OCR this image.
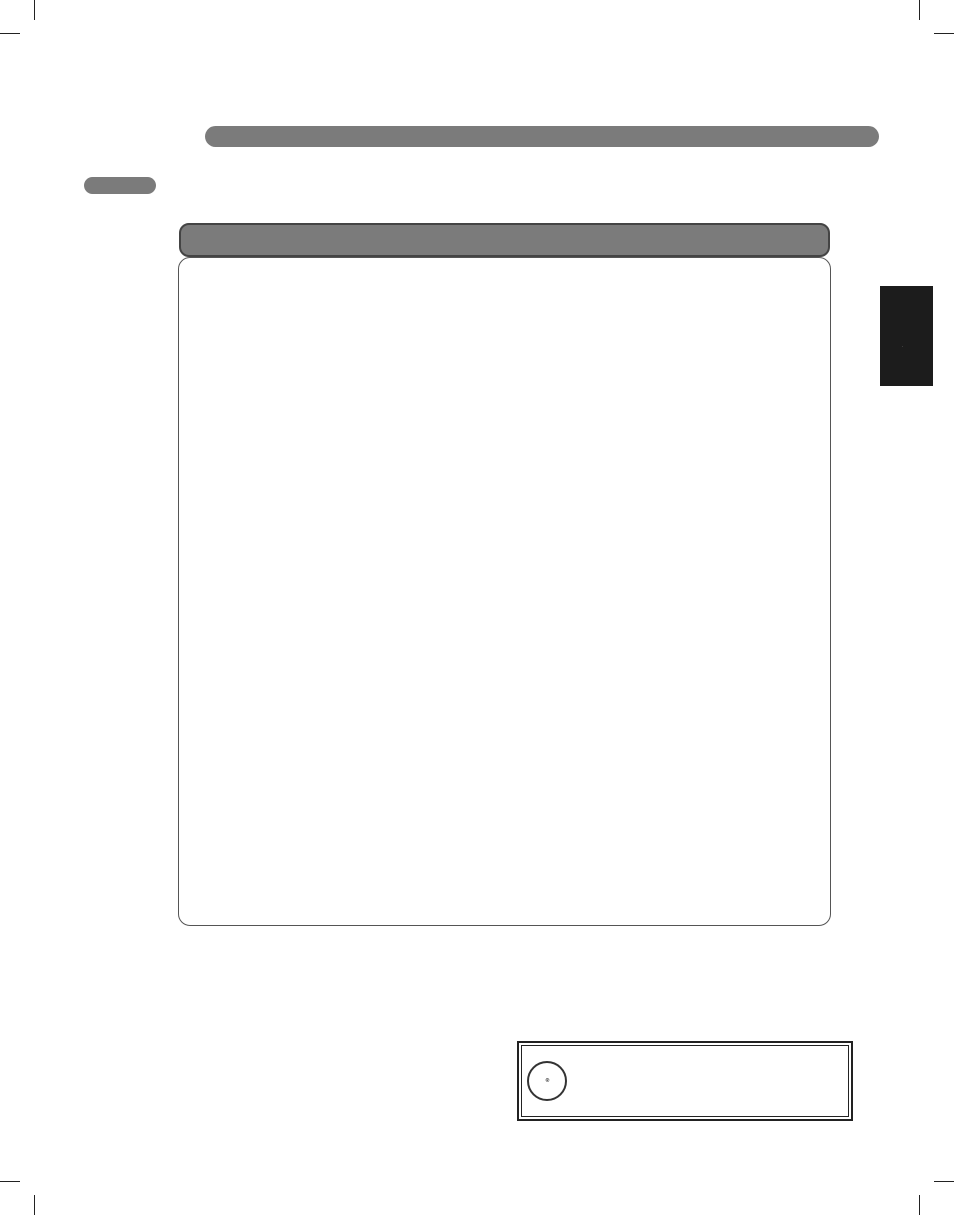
·
®
